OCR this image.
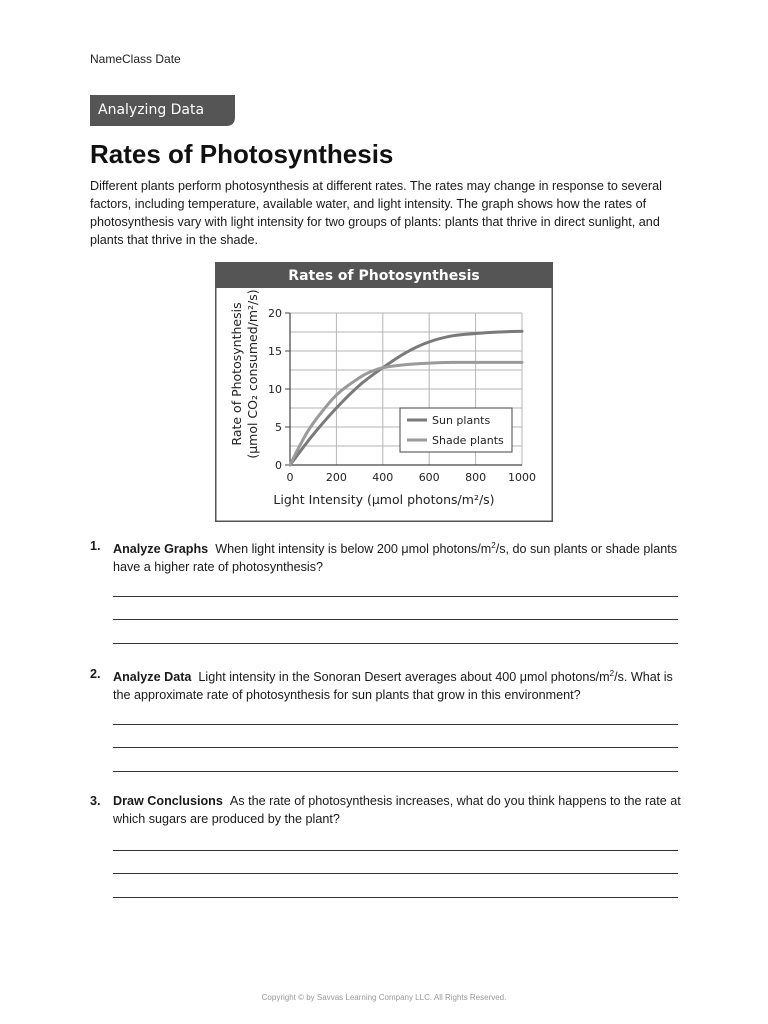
NameClass Date
Analyzing Data
Rates of Photosynthesis

Different plants perform photosynthesis at different rates. The rates may change in response to several factors, including temperature, available water, and light intensity. The graph shows how the rates of photosynthesis vary with light intensity for two groups of plants: plants that thrive in direct sunlight, and plants that thrive in the shade.

Rates of Photosynthesis
0	200 400 600 800 1000
0
5
10
15
20
Sun plants
Shade plants
Light Intensity (μmol photons/m²/s)
Rate of Photosynthesis (μmol CO₂ consumed/m²/s)
1. Analyze Graphs When light intensity is below 200 μmol photons/$m^2/s$, do sun plants or shade plants have a higher rate of photosynthesis?
2. Analyze Data Light intensity in the Sonoran Desert averages about 400 μmol photons/$m^2/s$. What is the approximate rate of photosynthesis for sun plants that grow in this environment?
3. Draw Conclusions As the rate of photosynthesis increases, what do you think happens to the rate at which sugars are produced by the plant?
Copyright © by Savvas Learning Company LLC. All Rights Reserved.
